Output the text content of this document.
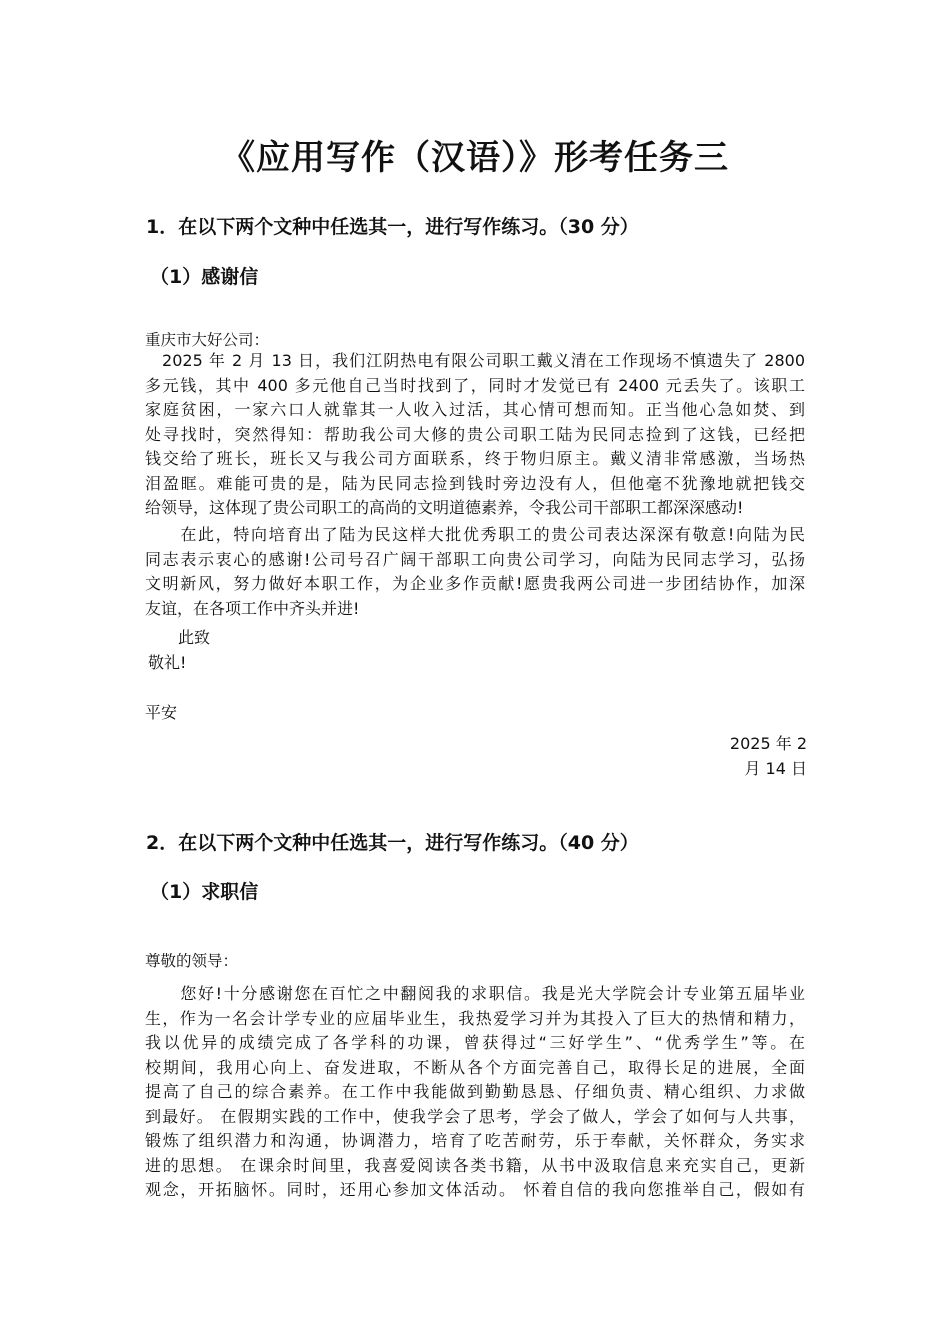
《应用写作（汉语）》形考任务三
1．在以下两个文种中任选其一，进行写作练习。（30 分）
（1）感谢信
重庆市大好公司：
　2025 年 2 月 13 日，我们江阴热电有限公司职工戴义清在工作现场不慎遗失了 2800
多元钱，其中 400 多元他自己当时找到了，同时才发觉已有 2400 元丢失了。该职工
家庭贫困，一家六口人就靠其一人收入过活，其心情可想而知。正当他心急如焚、到
处寻找时，突然得知：帮助我公司大修的贵公司职工陆为民同志捡到了这钱，已经把
钱交给了班长，班长又与我公司方面联系，终于物归原主。戴义清非常感激，当场热
泪盈眶。难能可贵的是，陆为民同志捡到钱时旁边没有人，但他毫不犹豫地就把钱交
给领导，这体现了贵公司职工的高尚的文明道德素养，令我公司干部职工都深深感动!
　　在此，特向培育出了陆为民这样大批优秀职工的贵公司表达深深有敬意!向陆为民
同志表示衷心的感谢!公司号召广阔干部职工向贵公司学习，向陆为民同志学习，弘扬
文明新风，努力做好本职工作，为企业多作贡献!愿贵我两公司进一步团结协作，加深
友谊，在各项工作中齐头并进!
此致
敬礼!
平安
2025 年 2
月 14 日
2．在以下两个文种中任选其一，进行写作练习。（40 分）
（1）求职信
尊敬的领导：
　　您好!十分感谢您在百忙之中翻阅我的求职信。我是光大学院会计专业第五届毕业
生，作为一名会计学专业的应届毕业生，我热爱学习并为其投入了巨大的热情和精力，
我以优异的成绩完成了各学科的功课，曾获得过“三好学生”、“优秀学生”等。在
校期间，我用心向上、奋发进取，不断从各个方面完善自己，取得长足的进展，全面
提高了自己的综合素养。在工作中我能做到勤勤恳恳、仔细负责、精心组织、力求做
到最好。 在假期实践的工作中，使我学会了思考，学会了做人，学会了如何与人共事，
锻炼了组织潜力和沟通，协调潜力，培育了吃苦耐劳，乐于奉献，关怀群众，务实求
进的思想。 在课余时间里，我喜爱阅读各类书籍，从书中汲取信息来充实自己，更新
观念，开拓脑怀。同时，还用心参加文体活动。 怀着自信的我向您推举自己，假如有
